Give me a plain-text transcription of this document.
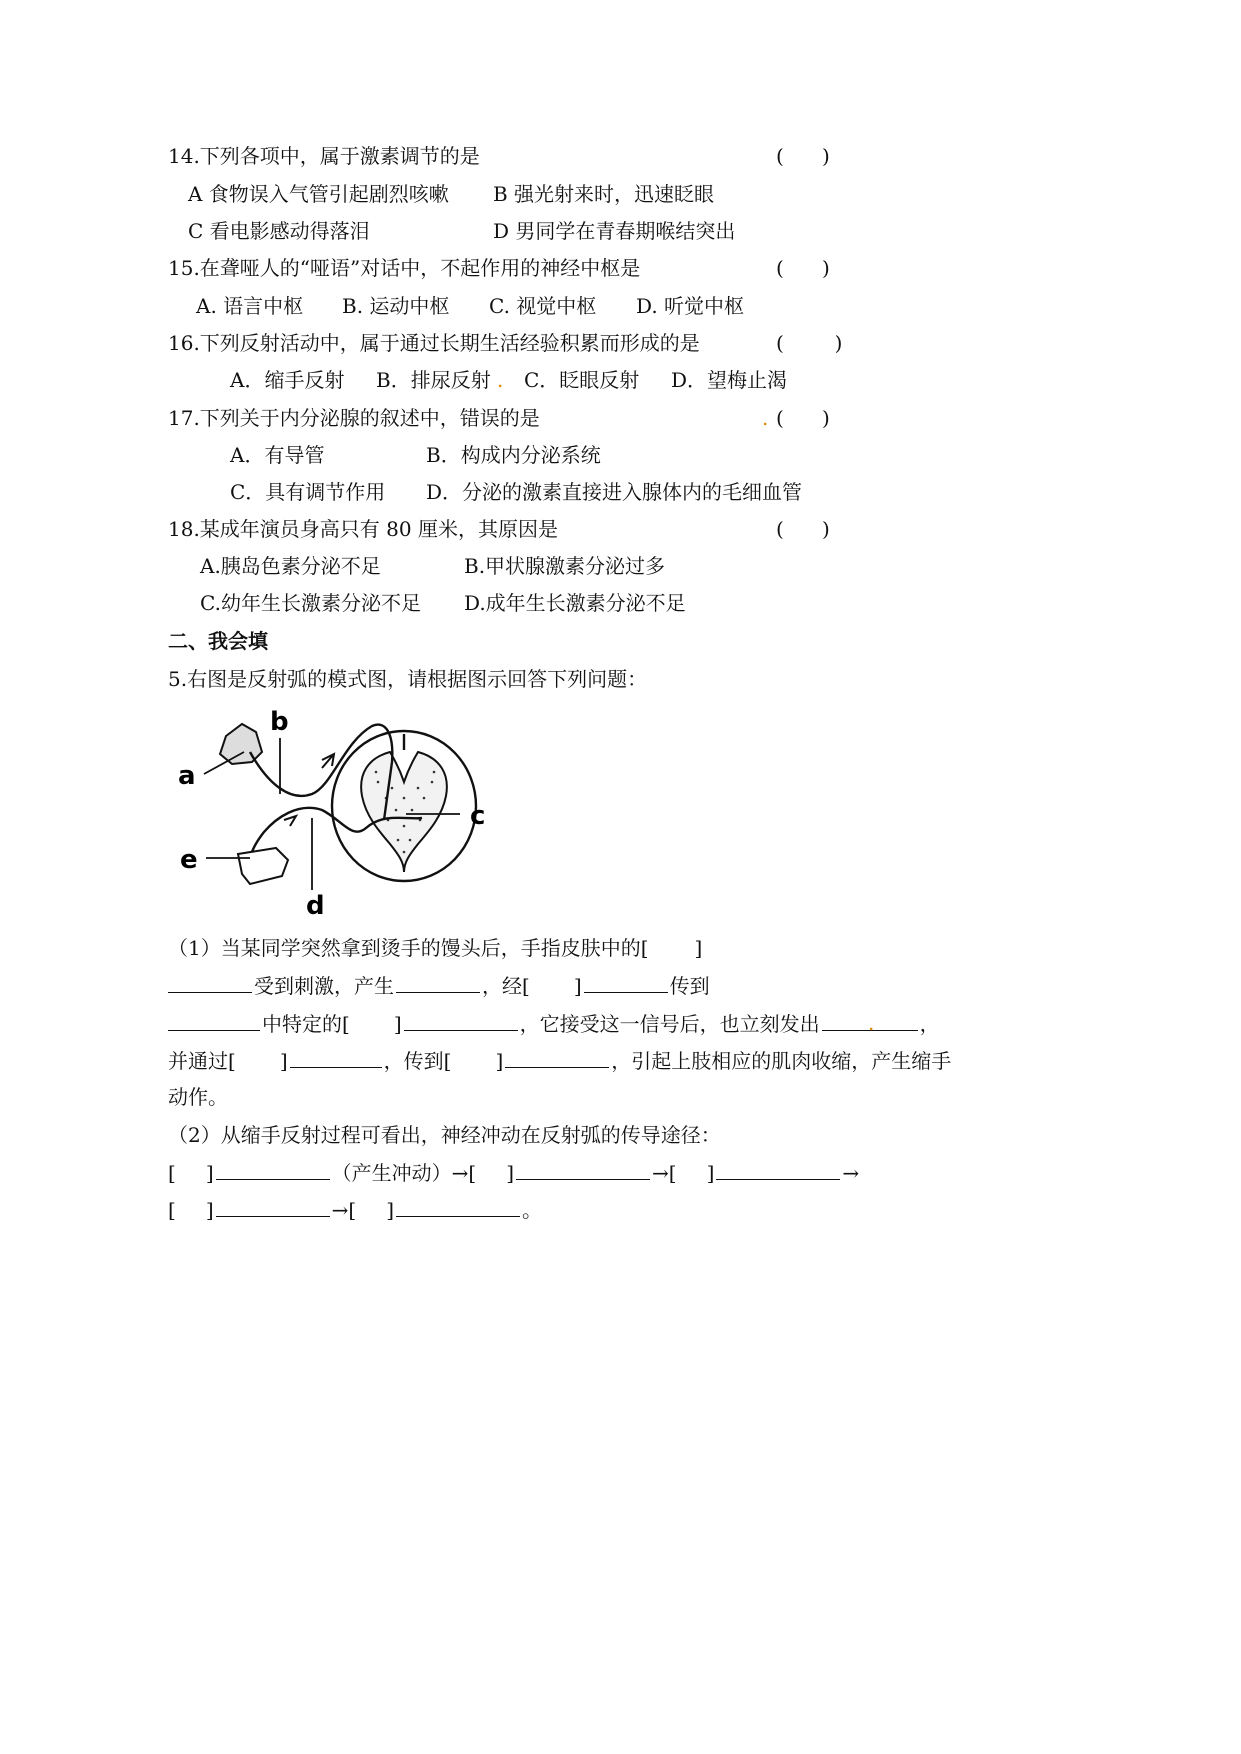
14.下列各项中，属于激素调节的是	(      )
A 食物误入气管引起剧烈咳嗽 B 强光射来时，迅速眨眼
C 看电影感动得落泪	D 男同学在青春期喉结突出
15.在聋哑人的“哑语”对话中，不起作用的神经中枢是	(      )
A. 语言中枢 B. 运动中枢 C. 视觉中枢 D. 听觉中枢
16.下列反射活动中，属于通过长期生活经验积累而形成的是	(        )
A．缩手反射 B．排尿反射 . C．眨眼反射 D．望梅止渴
17.下列关于内分泌腺的叙述中，错误的是	. (      )
A．有导管	B．构成内分泌系统
C．具有调节作用 D．分泌的激素直接进入腺体内的毛细血管
18.某成年演员身高只有 80 厘米，其原因是	(      )
A.胰岛色素分泌不足	B.甲状腺激素分泌过多
C.幼年生长激素分泌不足 D.成年生长激素分泌不足
二、我会填
5.右图是反射弧的模式图，请根据图示回答下列问题：
a
b
c
d
e
（1）当某同学突然拿到烫手的馒头后，手指皮肤中的[ ]
受到刺激，产生	，经[ ]	传到
中特定的[ ]	，它接受这一信号后，也立刻发出	，
.
并通过[ ]	，传到[ ]	，引起上肢相应的肌肉收缩，产生缩手
动作。
（2）从缩手反射过程可看出，神经冲动在反射弧的传导途径：
[ ]	（产生冲动）→[ ]	→[ ]	→
[ ]	→[ ]	。
